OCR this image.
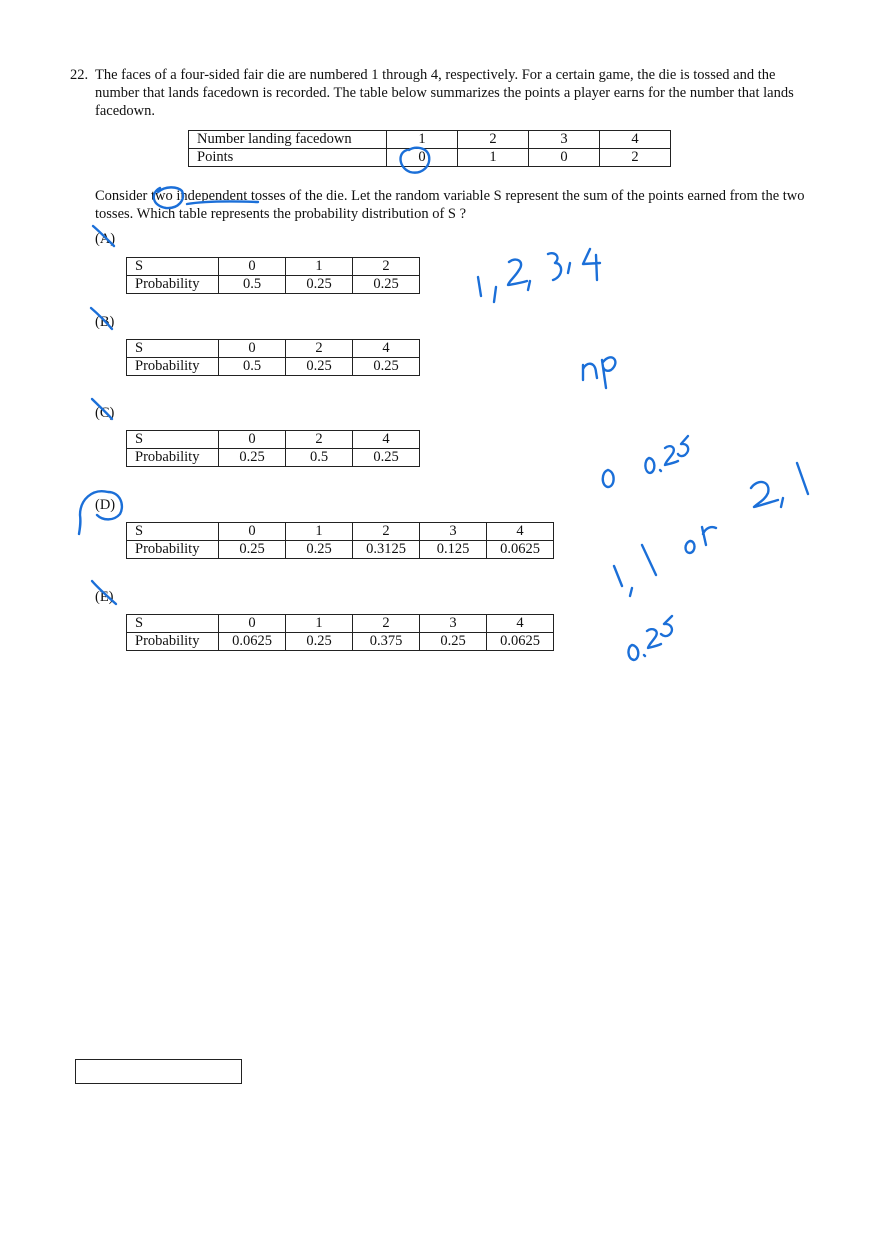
22. The faces of a four-sided fair die are numbered 1 through 4, respectively. For a certain game, the die is tossed and the number that lands facedown is recorded. The table below summarizes the points a player earns for the number that lands facedown.
Number landing facedown	1	2	3	4
Points	0	1	0	2
Consider two independent tosses of the die. Let the random variable S represent the sum of the points earned from the two tosses. Which table represents the probability distribution of S ?
(A)
S	0	1	2
Probability	0.5	0.25	0.25
(B)
S	0	2	4
Probability	0.5	0.25	0.25
(C)
S	0	2	4
Probability	0.25	0.5	0.25
(D)
S	0	1	2	3	4
Probability	0.25	0.25	0.3125	0.125	0.0625
(E)
S	0	1	2	3	4
Probability	0.0625	0.25	0.375	0.25	0.0625
